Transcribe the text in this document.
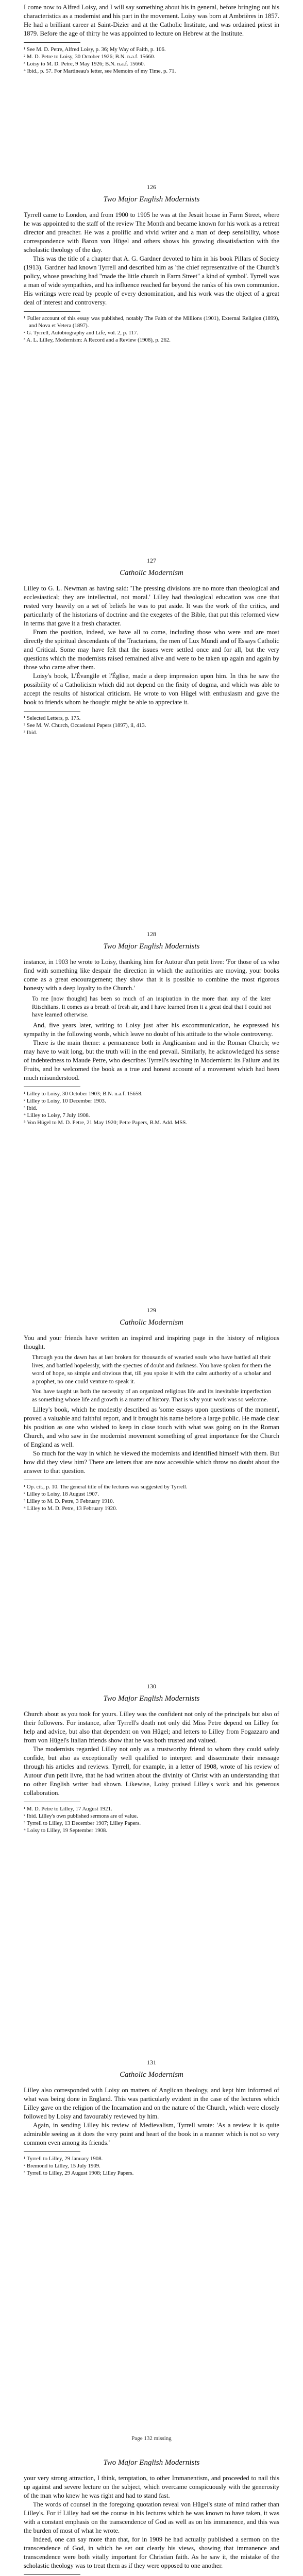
I come now to Alfred Loisy, and I will say something about his in general, before bringing out his characteristics as a modernist and his part in the movement. Loisy was born at Ambrières in 1857. He had a brilliant career at Saint-Dizier and at the Catholic Institute, and was ordained priest in 1879. Before the age of thirty he was appointed to lecture on Hebrew at the Institute.

¹ See M. D. Petre, Alfred Loisy, p. 36; My Way of Faith, p. 106.

² M. D. Petre to Loisy, 30 October 1926; B.N. n.a.f. 15660.

³ Loisy to M. D. Petre, 9 May 1926; B.N. n.a.f. 15660.

⁴ Ibid., p. 57. For Martineau's letter, see Memoirs of my Time, p. 71.

126
Two Major English Modernists

Tyrrell came to London, and from 1900 to 1905 he was at the Jesuit house in Farm Street, where he was appointed to the staff of the review The Month and became known for his work as a retreat director and preacher. He was a prolific and vivid writer and a man of deep sensibility, whose correspondence with Baron von Hügel and others shows his growing dissatisfaction with the scholastic theology of the day.

This was the title of a chapter that A. G. Gardner devoted to him in his book Pillars of Society (1913). Gardner had known Tyrrell and described him as 'the chief representative of the Church's policy, whose preaching had "made the little church in Farm Street" a kind of symbol'. Tyrrell was a man of wide sympathies, and his influence reached far beyond the ranks of his own communion. His writings were read by people of every denomination, and his work was the object of a great deal of interest and controversy.

¹ Fuller account of this essay was published, notably The Faith of the Millions (1901), External Religion (1899), and Nova et Vetera (1897).

² G. Tyrrell, Autobiography and Life, vol. 2, p. 117.

³ A. L. Lilley, Modernism: A Record and a Review (1908), p. 262.

127
Catholic Modernism

Lilley to G. L. Newman as having said: 'The pressing divisions are no more than theological and ecclesiastical; they are intellectual, not moral.' Lilley had theological education was one that rested very heavily on a set of beliefs he was to put aside. It was the work of the critics, and particularly of the historians of doctrine and the exegetes of the Bible, that put this reformed view in terms that gave it a fresh character.

From the position, indeed, we have all to come, including those who were and are most directly the spiritual descendants of the Tractarians, the men of Lux Mundi and of Essays Catholic and Critical. Some may have felt that the issues were settled once and for all, but the very questions which the modernists raised remained alive and were to be taken up again and again by those who came after them.

Loisy's book, L'Évangile et l'Église, made a deep impression upon him. In this he saw the possibility of a Catholicism which did not depend on the fixity of dogma, and which was able to accept the results of historical criticism. He wrote to von Hügel with enthusiasm and gave the book to friends whom he thought might be able to appreciate it.

¹ Selected Letters, p. 175.

² See M. W. Church, Occasional Papers (1897), ii, 413.

³ Ibid.

128
Two Major English Modernists

instance, in 1903 he wrote to Loisy, thanking him for Autour d'un petit livre: 'For those of us who find with something like despair the direction in which the authorities are moving, your books come as a great encouragement; they show that it is possible to combine the most rigorous honesty with a deep loyalty to the Church.'

To me [now thought] has been so much of an inspiration in the more than any of the later Ritschlians. It comes as a breath of fresh air, and I have learned from it a great deal that I could not have learned otherwise.

And, five years later, writing to Loisy just after his excommunication, he expressed his sympathy in the following words, which leave no doubt of his attitude to the whole controversy.

There is the main theme: a permanence both in Anglicanism and in the Roman Church; we may have to wait long, but the truth will in the end prevail. Similarly, he acknowledged his sense of indebtedness to Maude Petre, who describes Tyrrell's teaching in Modernism: Its Failure and its Fruits, and he welcomed the book as a true and honest account of a movement which had been much misunderstood.

¹ Lilley to Loisy, 30 October 1903; B.N. n.a.f. 15658.

² Lilley to Loisy, 10 December 1903.

³ Ibid.

⁴ Lilley to Loisy, 7 July 1908.

⁵ Von Hügel to M. D. Petre, 21 May 1920; Petre Papers, B.M. Add. MSS.

129
Catholic Modernism

You and your friends have written an inspired and inspiring page in the history of religious thought.

Through you the dawn has at last broken for thousands of wearied souls who have battled all their lives, and battled hopelessly, with the spectres of doubt and darkness. You have spoken for them the word of hope, so simple and obvious that, till you spoke it with the calm authority of a scholar and a prophet, no one could venture to speak it.

You have taught us both the necessity of an organized religious life and its inevitable imperfection as something whose life and growth is a matter of history. That is why your work was so welcome.

Lilley's book, which he modestly described as 'some essays upon questions of the moment', proved a valuable and faithful report, and it brought his name before a large public. He made clear his position as one who wished to keep in close touch with what was going on in the Roman Church, and who saw in the modernist movement something of great importance for the Church of England as well.

So much for the way in which he viewed the modernists and identified himself with them. But how did they view him? There are letters that are now accessible which throw no doubt about the answer to that question.

¹ Op. cit., p. 10. The general title of the lectures was suggested by Tyrrell.

² Lilley to Loisy, 18 August 1907.

³ Lilley to M. D. Petre, 3 February 1910.

⁴ Lilley to M. D. Petre, 13 February 1920.

130
Two Major English Modernists

Church about as you took for yours. Lilley was the confident not only of the principals but also of their followers. For instance, after Tyrrell's death not only did Miss Petre depend on Lilley for help and advice, but also that dependent on von Hügel; and letters to Lilley from Fogazzaro and from von Hügel's Italian friends show that he was both trusted and valued.

The modernists regarded Lilley not only as a trustworthy friend to whom they could safely confide, but also as exceptionally well qualified to interpret and disseminate their message through his articles and reviews. Tyrrell, for example, in a letter of 1908, wrote of his review of Autour d'un petit livre, that he had written about the divinity of Christ with an understanding that no other English writer had shown. Likewise, Loisy praised Lilley's work and his generous collaboration.

¹ M. D. Petre to Lilley, 17 August 1921.

² Ibid. Lilley's own published sermons are of value.

³ Tyrrell to Lilley, 13 December 1907; Lilley Papers.

⁴ Loisy to Lilley, 19 September 1908.

131
Catholic Modernism

Lilley also corresponded with Loisy on matters of Anglican theology, and kept him informed of what was being done in England. This was particularly evident in the case of the lectures which Lilley gave on the religion of the Incarnation and on the nature of the Church, which were closely followed by Loisy and favourably reviewed by him.

Again, in sending Lilley his review of Medievalism, Tyrrell wrote: 'As a review it is quite admirable seeing as it does the very point and heart of the book in a manner which is not so very common even among its friends.'

¹ Tyrrell to Lilley, 29 January 1908.

² Bremond to Lilley, 15 July 1909.

³ Tyrrell to Lilley, 29 August 1908; Lilley Papers.

Page 132 missing
Two Major English Modernists

your very strong attraction, I think, temptation, to other Immanentism, and proceeded to nail this up against and severe lecture on the subject, which overcame conspicuously with the generosity of the man who knew he was right and had to stand fast.

The words of counsel in the foregoing quotation reveal von Hügel's state of mind rather than Lilley's. For if Lilley had set the course in his lectures which he was known to have taken, it was with a constant emphasis on the transcendence of God as well as on his immanence, and this was the burden of most of what he wrote.

Indeed, one can say more than that, for in 1909 he had actually published a sermon on the transcendence of God, in which he set out clearly his views, showing that immanence and transcendence were both vitally important for Christian faith. As he saw it, the mistake of the scholastic theology was to treat them as if they were opposed to one another.
